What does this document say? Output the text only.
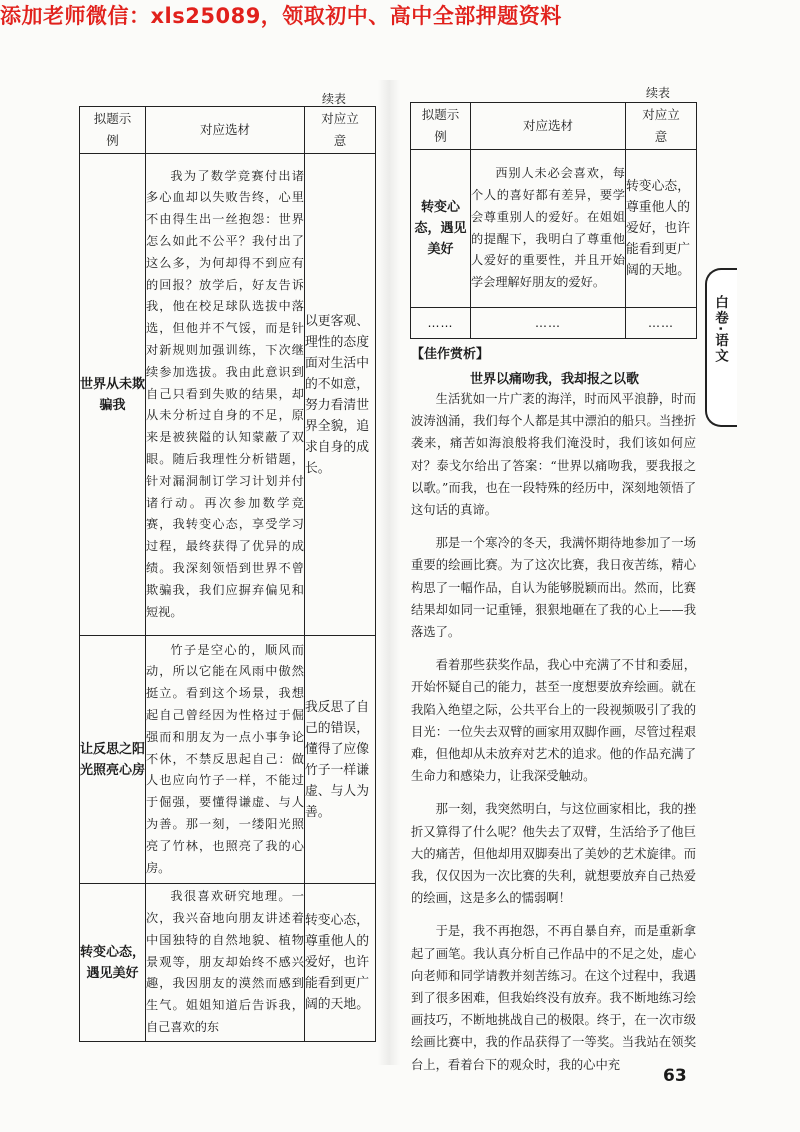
添加老师微信：xls25089，领取初中、高中全部押题资料
续表
拟题示例	对应选材	对应立意
世界从未欺骗我	我为了数学竞赛付出诸多心血却以失败告终，心里不由得生出一丝抱怨：世界怎么如此不公平？我付出了这么多，为何却得不到应有的回报？放学后，好友告诉我，他在校足球队选拔中落选，但他并不气馁，而是针对新规则加强训练，下次继续参加选拔。我由此意识到自己只看到失败的结果，却从未分析过自身的不足，原来是被狭隘的认知蒙蔽了双眼。随后我理性分析错题，针对漏洞制订学习计划并付诸行动。再次参加数学竞赛，我转变心态，享受学习过程，最终获得了优异的成绩。我深刻领悟到世界不曾欺骗我，我们应摒弃偏见和短视。	以更客观、理性的态度面对生活中的不如意，努力看清世界全貌，追求自身的成长。
让反思之阳光照亮心房	竹子是空心的，顺风而动，所以它能在风雨中傲然挺立。看到这个场景，我想起自己曾经因为性格过于倔强而和朋友为一点小事争论不休，不禁反思起自己：做人也应向竹子一样，不能过于倔强，要懂得谦虚、与人为善。那一刻，一缕阳光照亮了竹林，也照亮了我的心房。	我反思了自己的错误，懂得了应像竹子一样谦虚、与人为善。
转变心态，遇见美好	我很喜欢研究地理。一次，我兴奋地向朋友讲述着中国独特的自然地貌、植物景观等，朋友却始终不感兴趣，我因朋友的漠然而感到生气。姐姐知道后告诉我，自己喜欢的东	转变心态，尊重他人的爱好，也许能看到更广阔的天地。
续表
拟题示例	对应选材	对应立意
转变心态，遇见美好	西别人未必会喜欢，每个人的喜好都有差异，要学会尊重别人的爱好。在姐姐的提醒下，我明白了尊重他人爱好的重要性，并且开始学会理解好朋友的爱好。	转变心态，尊重他人的爱好，也许能看到更广阔的天地。
……	……	……
【佳作赏析】
世界以痛吻我，我却报之以歌

生活犹如一片广袤的海洋，时而风平浪静，时而波涛汹涌，我们每个人都是其中漂泊的船只。当挫折袭来，痛苦如海浪般将我们淹没时，我们该如何应对？泰戈尔给出了答案：“世界以痛吻我，要我报之以歌。”而我，也在一段特殊的经历中，深刻地领悟了这句话的真谛。

那是一个寒冷的冬天，我满怀期待地参加了一场重要的绘画比赛。为了这次比赛，我日夜苦练，精心构思了一幅作品，自认为能够脱颖而出。然而，比赛结果却如同一记重锤，狠狠地砸在了我的心上——我落选了。

看着那些获奖作品，我心中充满了不甘和委屈，开始怀疑自己的能力，甚至一度想要放弃绘画。就在我陷入绝望之际，公共平台上的一段视频吸引了我的目光：一位失去双臂的画家用双脚作画，尽管过程艰难，但他却从未放弃对艺术的追求。他的作品充满了生命力和感染力，让我深受触动。

那一刻，我突然明白，与这位画家相比，我的挫折又算得了什么呢？他失去了双臂，生活给予了他巨大的痛苦，但他却用双脚奏出了美妙的艺术旋律。而我，仅仅因为一次比赛的失利，就想要放弃自己热爱的绘画，这是多么的懦弱啊！

于是，我不再抱怨，不再自暴自弃，而是重新拿起了画笔。我认真分析自己作品中的不足之处，虚心向老师和同学请教并刻苦练习。在这个过程中，我遇到了很多困难，但我始终没有放弃。我不断地练习绘画技巧，不断地挑战自己的极限。终于，在一次市级绘画比赛中，我的作品获得了一等奖。当我站在领奖台上，看着台下的观众时，我的心中充

白卷·语文
63
